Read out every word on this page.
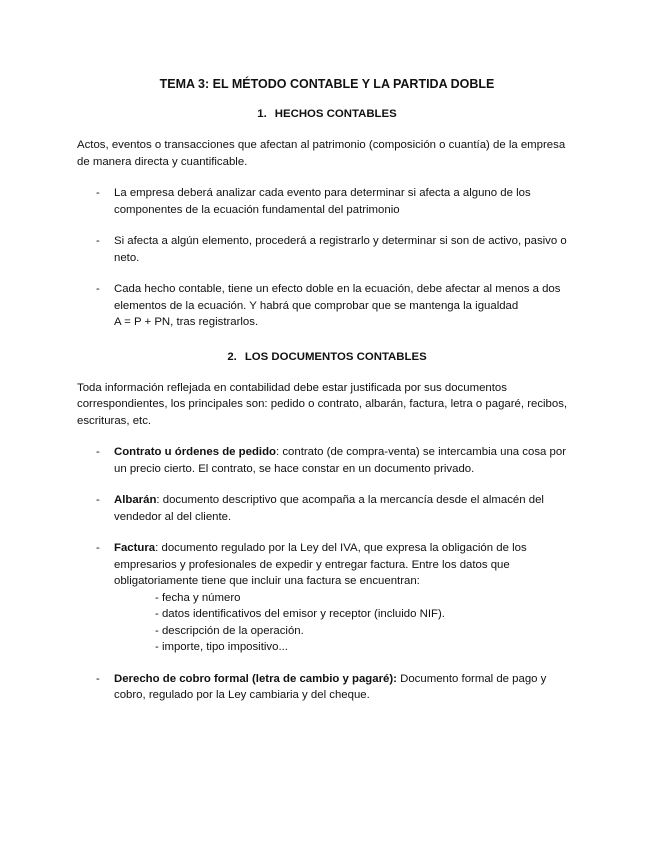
TEMA 3: EL MÉTODO CONTABLE Y LA PARTIDA DOBLE
1. HECHOS CONTABLES

Actos, eventos o transacciones que afectan al patrimonio (composición o cuantía) de la empresa de manera directa y cuantificable.

- La empresa deberá analizar cada evento para determinar si afecta a alguno de los componentes de la ecuación fundamental del patrimonio
- Si afecta a algún elemento, procederá a registrarlo y determinar si son de activo, pasivo o neto.
- Cada hecho contable, tiene un efecto doble en la ecuación, debe afectar al menos a dos elementos de la ecuación. Y habrá que comprobar que se mantenga la igualdad
A = P + PN, tras registrarlos.
2. LOS DOCUMENTOS CONTABLES

Toda información reflejada en contabilidad debe estar justificada por sus documentos correspondientes, los principales son: pedido o contrato, albarán, factura, letra o pagaré, recibos, escrituras, etc.

- Contrato u órdenes de pedido: contrato (de compra-venta) se intercambia una cosa por un precio cierto. El contrato, se hace constar en un documento privado.
- Albarán: documento descriptivo que acompaña a la mercancía desde el almacén del vendedor al del cliente.
- Factura: documento regulado por la Ley del IVA, que expresa la obligación de los empresarios y profesionales de expedir y entregar factura. Entre los datos que obligatoriamente tiene que incluir una factura se encuentran:
- fecha y número
- datos identificativos del emisor y receptor (incluido NIF).
- descripción de la operación.
- importe, tipo impositivo...
- Derecho de cobro formal (letra de cambio y pagaré): Documento formal de pago y cobro, regulado por la Ley cambiaria y del cheque.
